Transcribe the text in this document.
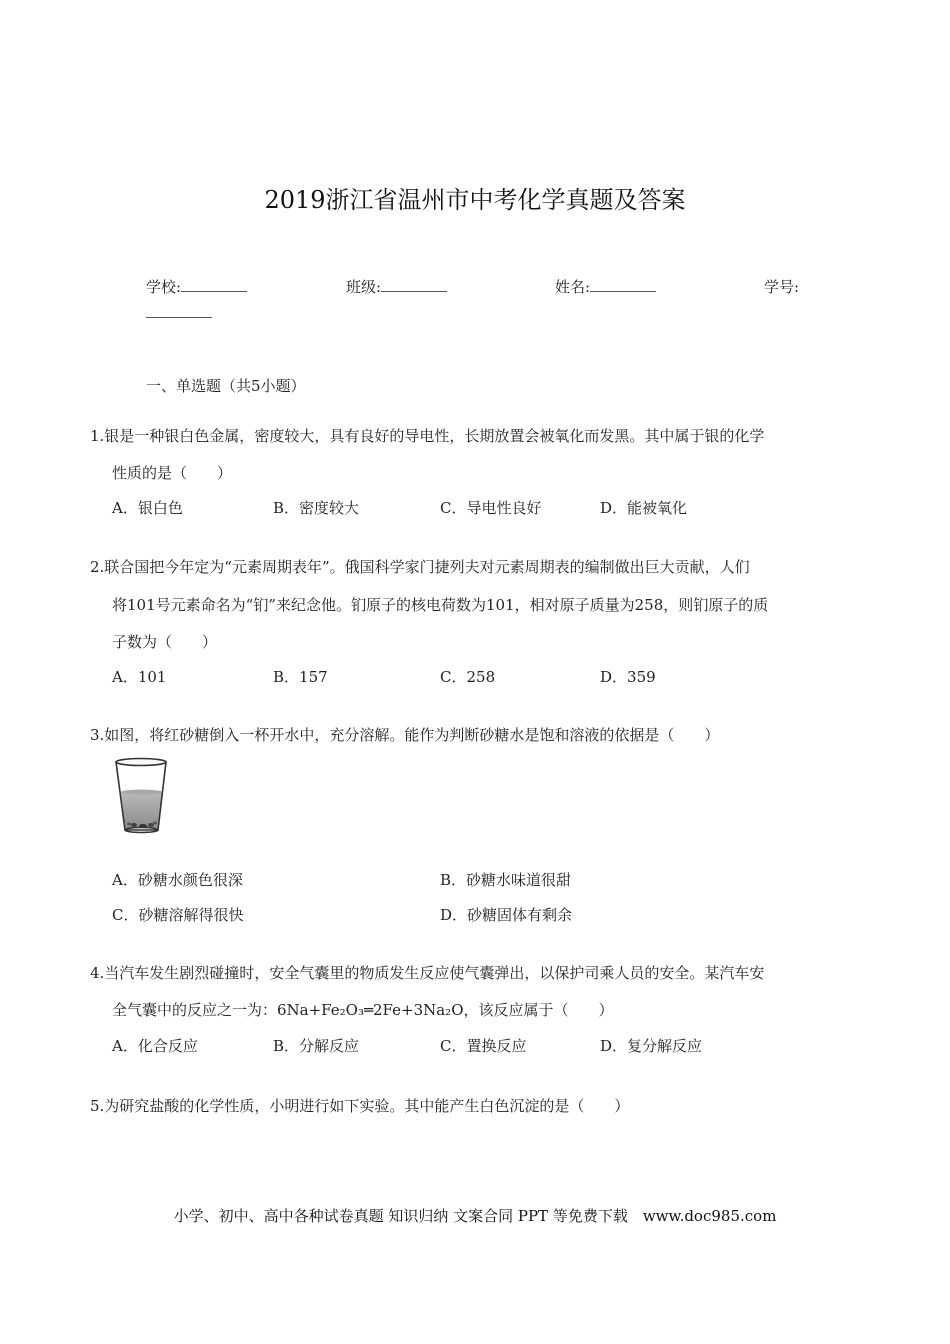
2019浙江省温州市中考化学真题及答案
学校:	班级:	姓名:	学号:
一、单选题（共5小题）
1.银是一种银白色金属，密度较大，具有良好的导电性，长期放置会被氧化而发黑。其中属于银的化学
性质的是（　　）
A．银白色	B．密度较大	C．导电性良好	D．能被氧化
2.联合国把今年定为“元素周期表年”。俄国科学家门捷列夫对元素周期表的编制做出巨大贡献，人们
将101号元素命名为“钔”来纪念他。钔原子的核电荷数为101，相对原子质量为258，则钔原子的质
子数为（　　）
A．101	B．157	C．258	D．359
3.如图，将红砂糖倒入一杯开水中，充分溶解。能作为判断砂糖水是饱和溶液的依据是（　　）
A．砂糖水颜色很深	B．砂糖水味道很甜
C．砂糖溶解得很快	D．砂糖固体有剩余
4.当汽车发生剧烈碰撞时，安全气囊里的物质发生反应使气囊弹出，以保护司乘人员的安全。某汽车安
全气囊中的反应之一为：6Na+Fe₂O₃═2Fe+3Na₂O，该反应属于（　　）
A．化合反应	B．分解反应	C．置换反应	D．复分解反应
5.为研究盐酸的化学性质，小明进行如下实验。其中能产生白色沉淀的是（　　）
小学、初中、高中各种试卷真题 知识归纳 文案合同 PPT 等免费下载　www.doc985.com
